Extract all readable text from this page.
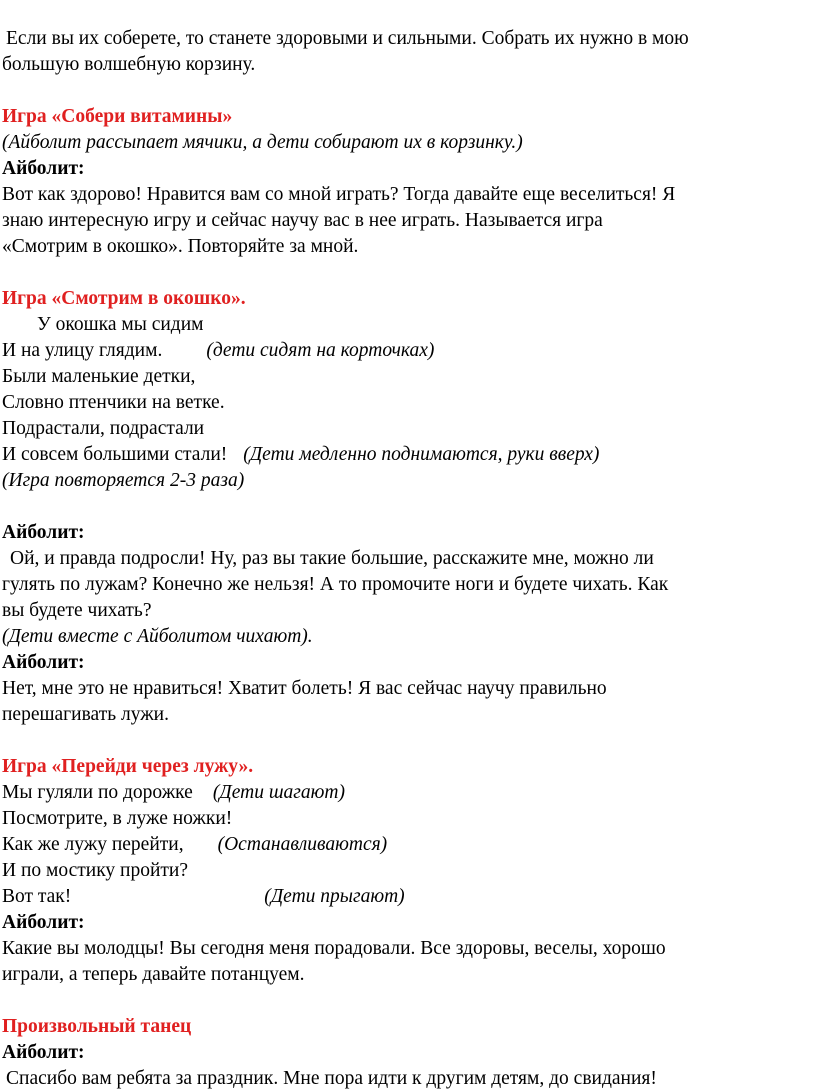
Если вы их соберете, то станете здоровыми и сильными. Собрать их нужно в мою

большую волшебную корзину.

Игра «Собери витамины»

(Айболит рассыпает мячики, а дети собирают их в корзинку.)

Айболит:

Вот как здорово! Нравится вам со мной играть? Тогда давайте еще веселиться! Я

знаю интересную игру и сейчас научу вас в нее играть. Называется игра

«Смотрим в окошко». Повторяйте за мной.

Игра «Смотрим в окошко».

У окошка мы сидим

И на улицу глядим. (дети сидят на корточках)

Были маленькие детки,

Словно птенчики на ветке.

Подрастали, подрастали

И совсем большими стали! (Дети медленно поднимаются, руки вверх)

(Игра повторяется 2-3 раза)

Айболит:

Ой, и правда подросли! Ну, раз вы такие большие, расскажите мне, можно ли

гулять по лужам? Конечно же нельзя! А то промочите ноги и будете чихать. Как

вы будете чихать?

(Дети вместе с Айболитом чихают).

Айболит:

Нет, мне это не нравиться! Хватит болеть! Я вас сейчас научу правильно

перешагивать лужи.

Игра «Перейди через лужу».

Мы гуляли по дорожке (Дети шагают)

Посмотрите, в луже ножки!

Как же лужу перейти, (Останавливаются)

И по мостику пройти?

Вот так!	(Дети прыгают)

Айболит:

Какие вы молодцы! Вы сегодня меня порадовали. Все здоровы, веселы, хорошо

играли, а теперь давайте потанцуем.

Произвольный танец

Айболит:

Спасибо вам ребята за праздник. Мне пора идти к другим детям, до свидания!
